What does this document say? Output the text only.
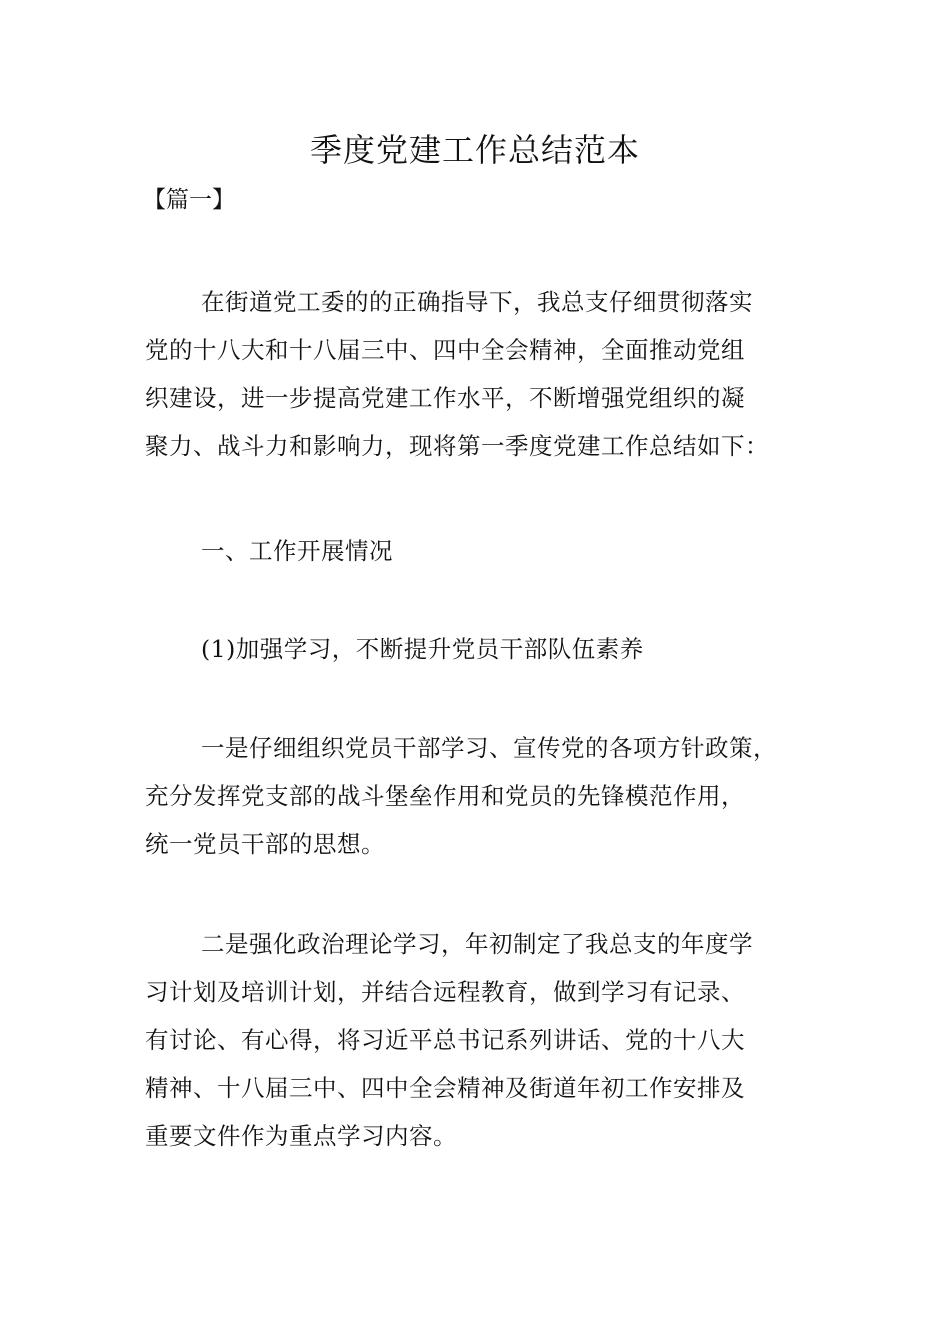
季度党建工作总结范本

【篇一】

在街道党工委的的正确指导下，我总支仔细贯彻落实
党的十八大和十八届三中、四中全会精神，全面推动党组
织建设，进一步提高党建工作水平，不断增强党组织的凝
聚力、战斗力和影响力，现将第一季度党建工作总结如下：
一、工作开展情况
(1)加强学习，不断提升党员干部队伍素养
一是仔细组织党员干部学习、宣传党的各项方针政策，
充分发挥党支部的战斗堡垒作用和党员的先锋模范作用，
统一党员干部的思想。
二是强化政治理论学习，年初制定了我总支的年度学
习计划及培训计划，并结合远程教育，做到学习有记录、
有讨论、有心得，将习近平总书记系列讲话、党的十八大
精神、十八届三中、四中全会精神及街道年初工作安排及
重要文件作为重点学习内容。
